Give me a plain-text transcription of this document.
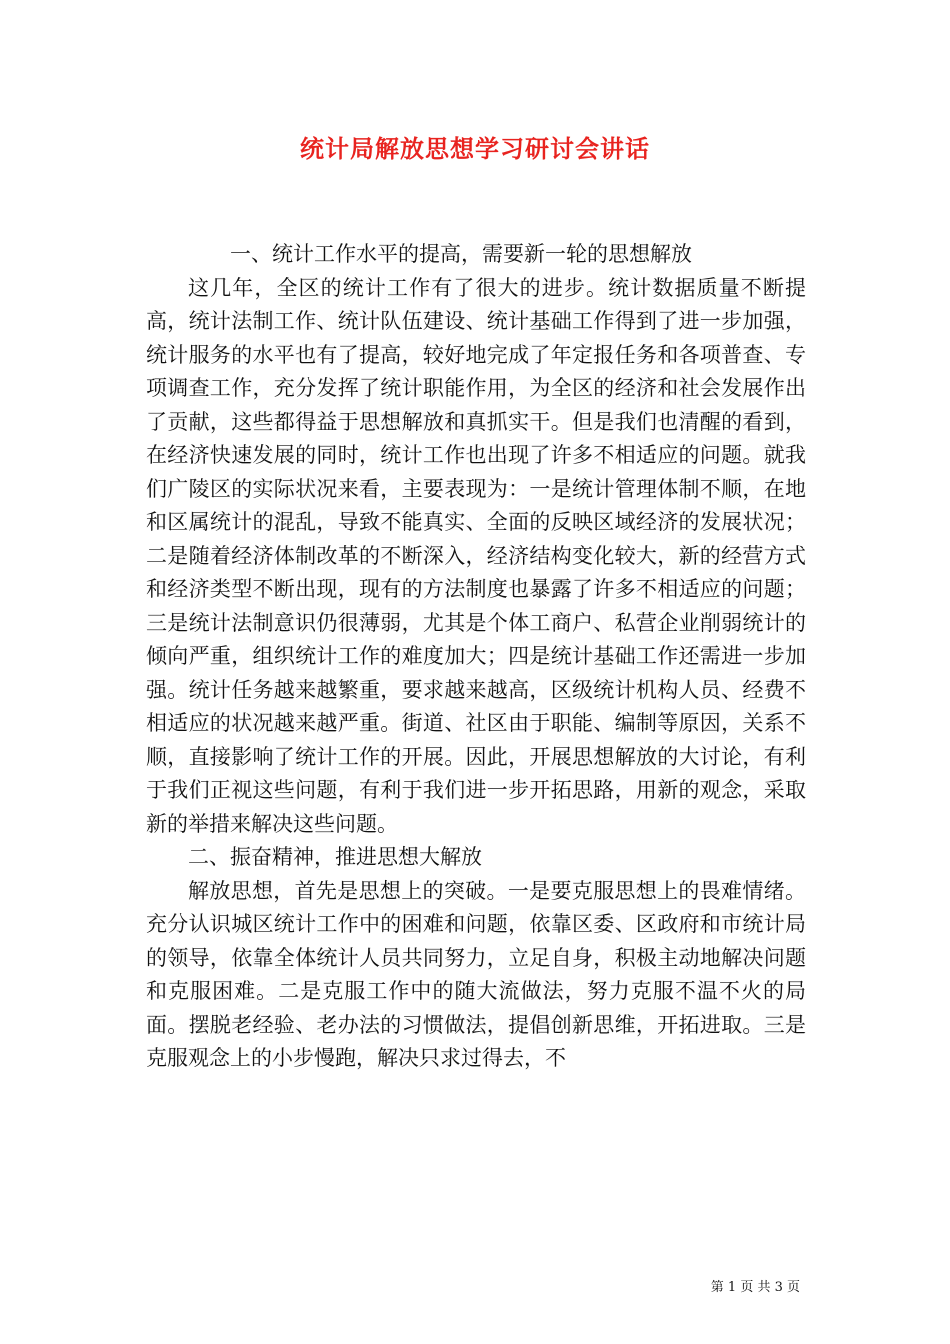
统计局解放思想学习研讨会讲话

一、统计工作水平的提高，需要新一轮的思想解放

这几年，全区的统计工作有了很大的进步。统计数据质量不断提高，统计法制工作、统计队伍建设、统计基础工作得到了进一步加强，统计服务的水平也有了提高，较好地完成了年定报任务和各项普查、专项调查工作，充分发挥了统计职能作用，为全区的经济和社会发展作出了贡献，这些都得益于思想解放和真抓实干。但是我们也清醒的看到，在经济快速发展的同时，统计工作也出现了许多不相适应的问题。就我们广陵区的实际状况来看，主要表现为：一是统计管理体制不顺，在地和区属统计的混乱，导致不能真实、全面的反映区域经济的发展状况；二是随着经济体制改革的不断深入，经济结构变化较大，新的经营方式和经济类型不断出现，现有的方法制度也暴露了许多不相适应的问题；三是统计法制意识仍很薄弱，尤其是个体工商户、私营企业削弱统计的倾向严重，组织统计工作的难度加大；四是统计基础工作还需进一步加强。统计任务越来越繁重，要求越来越高，区级统计机构人员、经费不相适应的状况越来越严重。街道、社区由于职能、编制等原因，关系不顺，直接影响了统计工作的开展。因此，开展思想解放的大讨论，有利于我们正视这些问题，有利于我们进一步开拓思路，用新的观念，采取新的举措来解决这些问题。

二、振奋精神，推进思想大解放

解放思想，首先是思想上的突破。一是要克服思想上的畏难情绪。充分认识城区统计工作中的困难和问题，依靠区委、区政府和市统计局的领导，依靠全体统计人员共同努力，立足自身，积极主动地解决问题和克服困难。二是克服工作中的随大流做法，努力克服不温不火的局面。摆脱老经验、老办法的习惯做法，提倡创新思维，开拓进取。三是克服观念上的小步慢跑，解决只求过得去，不

第 1 页 共 3 页
